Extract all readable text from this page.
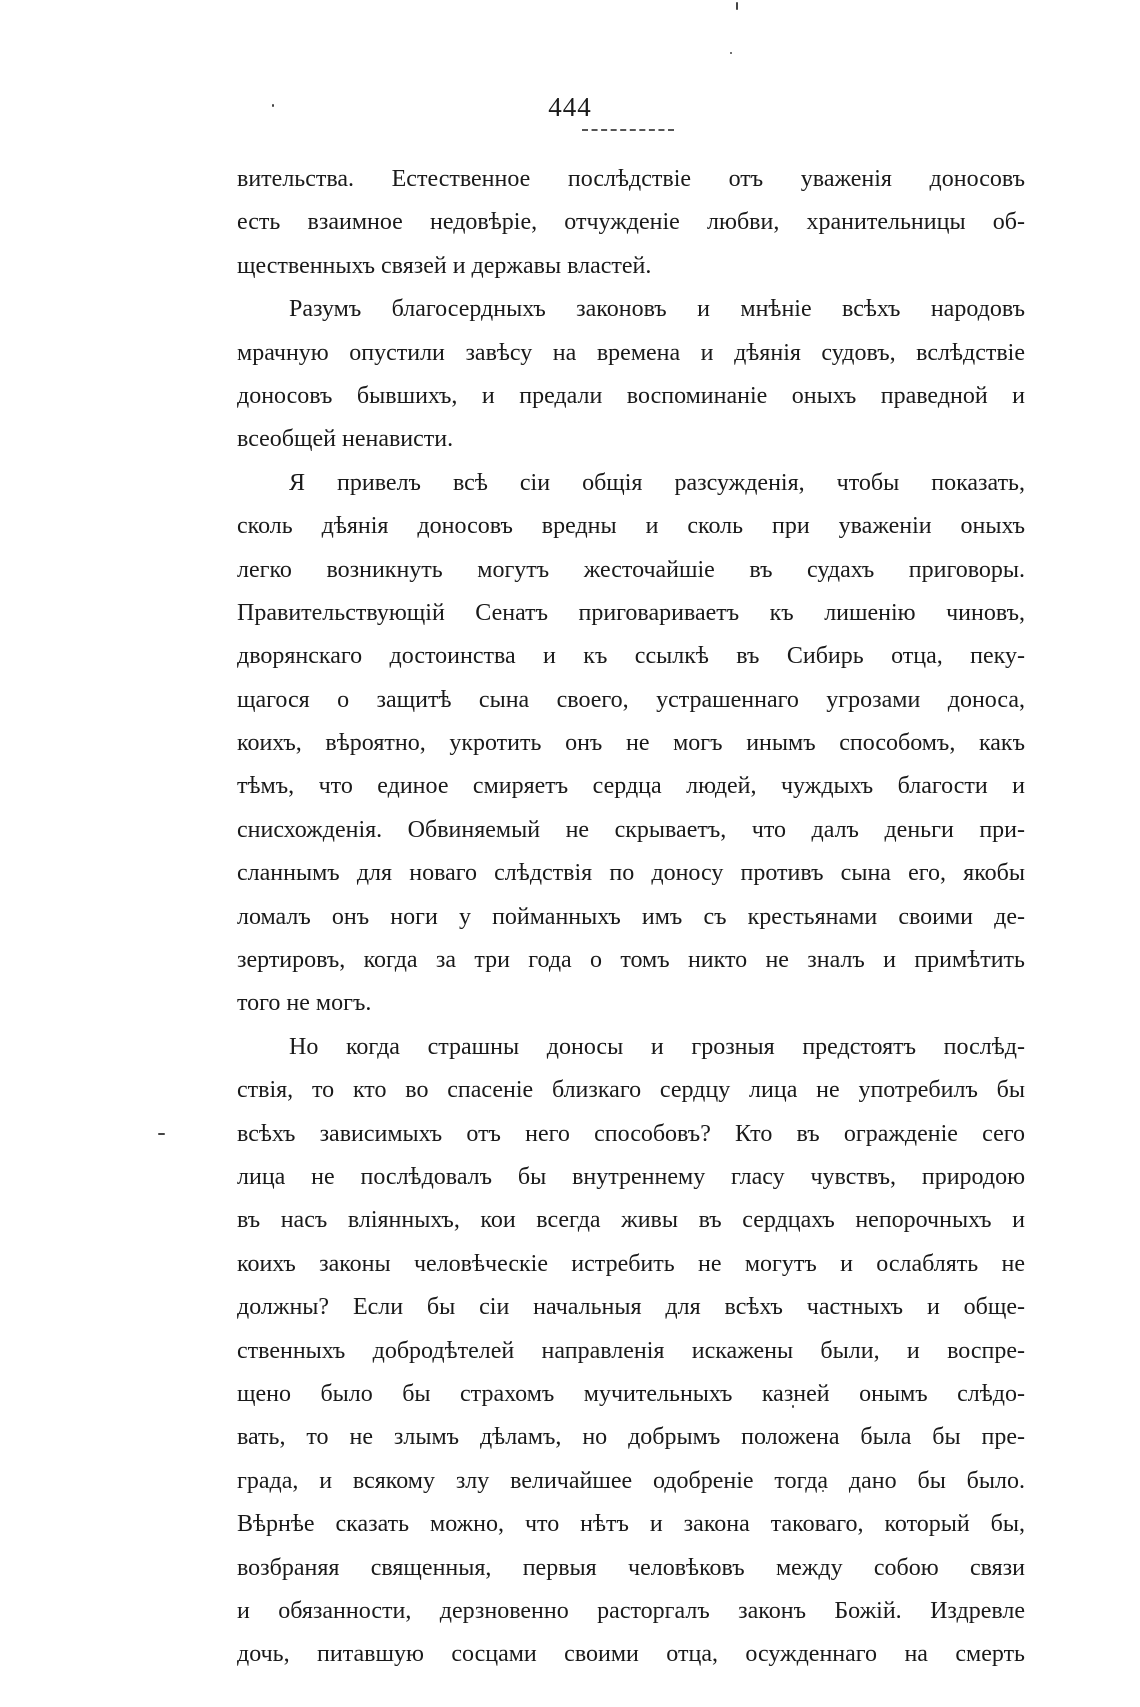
444
вительства. Естественное послѣдствіе отъ уваженія доносовъ
есть взаимное недовѣріе, отчужденіе любви, хранительницы об-
щественныхъ связей и державы властей.
Разумъ благосердныхъ законовъ и мнѣніе всѣхъ народовъ
мрачную опустили завѣсу на времена и дѣянія судовъ, вслѣдствіе
доносовъ бывшихъ, и предали воспоминаніе оныхъ праведной и
всеобщей ненависти.
Я привелъ всѣ сіи общія разсужденія, чтобы показать,
сколь дѣянія доносовъ вредны и сколь при уваженіи оныхъ
легко возникнуть могутъ жесточайшіе въ судахъ приговоры.
Правительствующій Сенатъ приговариваетъ къ лишенію чиновъ,
дворянскаго достоинства и къ ссылкѣ въ Сибирь отца, пеку-
щагося о защитѣ сына своего, устрашеннаго угрозами доноса,
коихъ, вѣроятно, укротить онъ не могъ инымъ способомъ, какъ
тѣмъ, что единое смиряетъ сердца людей, чуждыхъ благости и
снисхожденія. Обвиняемый не скрываетъ, что далъ деньги при-
сланнымъ для новаго слѣдствія по доносу противъ сына его, якобы
ломалъ онъ ноги у пойманныхъ имъ съ крестьянами своими де-
зертировъ, когда за три года о томъ никто не зналъ и примѣтить
того не могъ.
Но когда страшны доносы и грозныя предстоятъ послѣд-
ствія, то кто во спасеніе близкаго сердцу лица не употребилъ бы
всѣхъ зависимыхъ отъ него способовъ? Кто въ огражденіе сего
лица не послѣдовалъ бы внутреннему гласу чувствъ, природою
въ насъ вліянныхъ, кои всегда живы въ сердцахъ непорочныхъ и
коихъ законы человѣческіе истребить не могутъ и ослаблять не
должны? Если бы сіи начальныя для всѣхъ частныхъ и обще-
ственныхъ добродѣтелей направленія искажены были, и воспре-
щено было бы страхомъ мучительныхъ казней онымъ слѣдо-
вать, то не злымъ дѣламъ, но добрымъ положена была бы пре-
града, и всякому злу величайшее одобреніе тогда дано бы было.
Вѣрнѣе сказать можно, что нѣтъ и закона таковаго, который бы,
возбраняя священныя, первыя человѣковъ между собою связи
и обязанности, дерзновенно расторгалъ законъ Божій. Издревле
дочь, питавшую сосцами своими отца, осужденнаго на смерть
